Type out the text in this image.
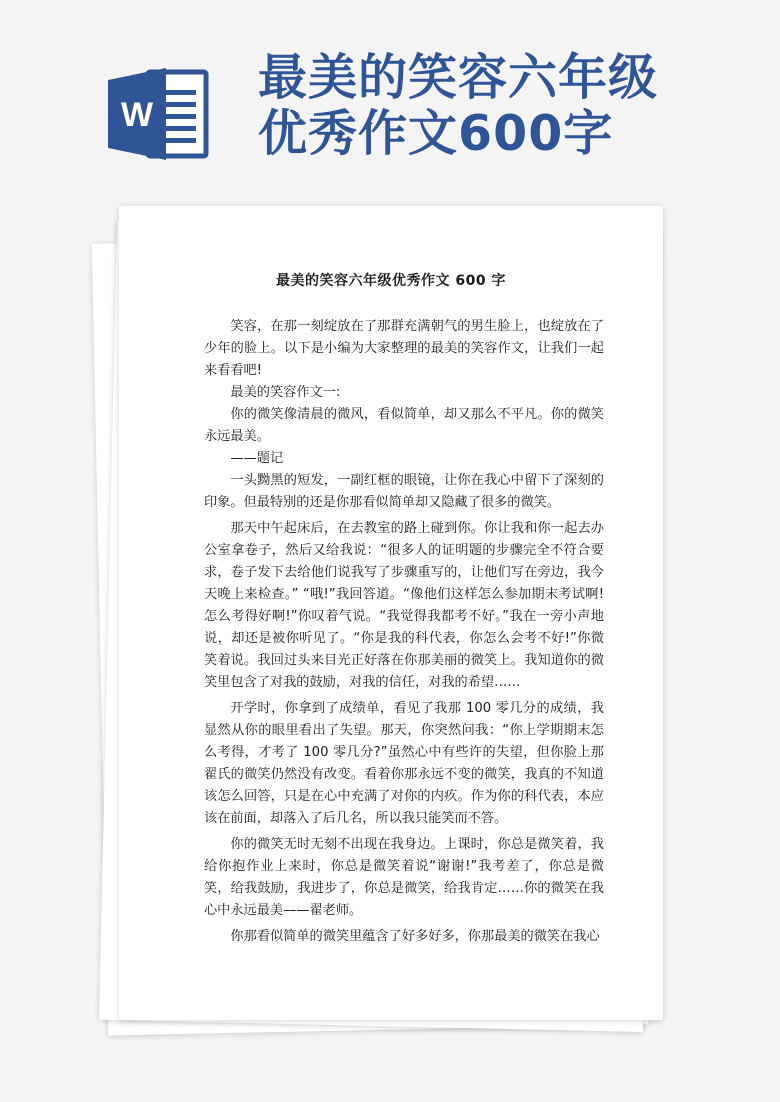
W
最美的笑容六年级
优秀作文600字
最美的笑容六年级优秀作文 600 字

笑容，在那一刻绽放在了那群充满朝气的男生脸上，也绽放在了少年的脸上。以下是小编为大家整理的最美的笑容作文，让我们一起来看看吧!

最美的笑容作文一:

你的微笑像清晨的微风，看似简单，却又那么不平凡。你的微笑永远最美。

——题记

一头黝黑的短发，一副红框的眼镜，让你在我心中留下了深刻的印象。但最特别的还是你那看似简单却又隐藏了很多的微笑。

那天中午起床后，在去教室的路上碰到你。你让我和你一起去办公室拿卷子，然后又给我说：“很多人的证明题的步骤完全不符合要求，卷子发下去给他们说我写了步骤重写的，让他们写在旁边，我今天晚上来检查。” “哦!”我回答道。“像他们这样怎么参加期末考试啊!怎么考得好啊!”你叹着气说。“我觉得我都考不好。”我在一旁小声地说，却还是被你听见了。“你是我的科代表，你怎么会考不好!”你微笑着说。我回过头来目光正好落在你那美丽的微笑上。我知道你的微笑里包含了对我的鼓励，对我的信任，对我的希望……

开学时，你拿到了成绩单，看见了我那 100 零几分的成绩，我显然从你的眼里看出了失望。那天，你突然问我：“你上学期期末怎么考得，才考了 100 零几分?”虽然心中有些许的失望，但你脸上那翟氏的微笑仍然没有改变。看着你那永远不变的微笑，我真的不知道该怎么回答，只是在心中充满了对你的内疚。作为你的科代表，本应该在前面，却落入了后几名，所以我只能笑而不答。

你的微笑无时无刻不出现在我身边。上课时，你总是微笑着，我给你抱作业上来时，你总是微笑着说“谢谢!”我考差了，你总是微笑，给我鼓励，我进步了，你总是微笑，给我肯定……你的微笑在我心中永远最美——翟老师。

你那看似简单的微笑里蕴含了好多好多，你那最美的微笑在我心
